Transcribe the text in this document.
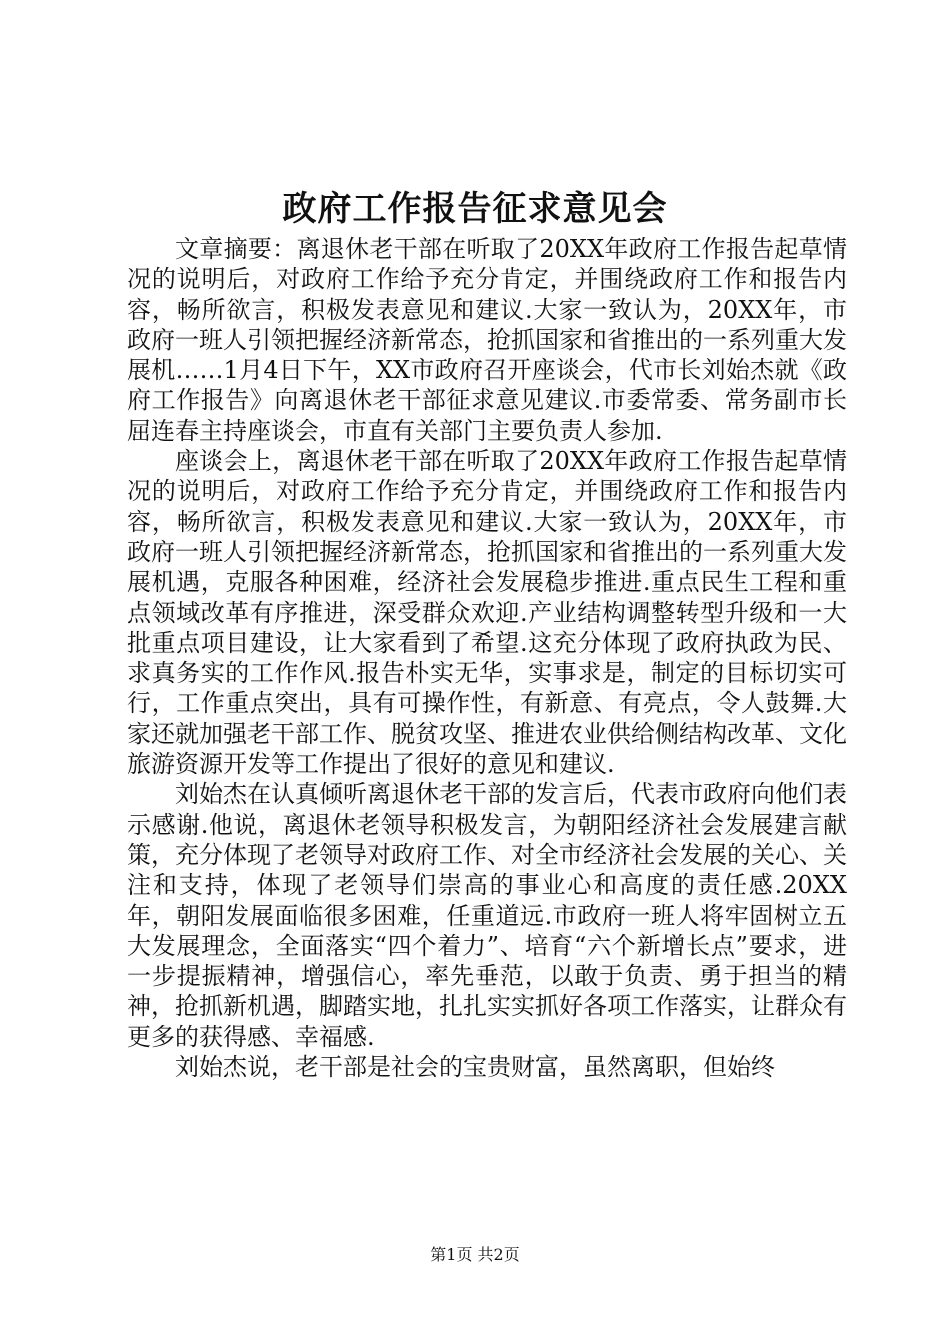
政府工作报告征求意见会

文章摘要：离退休老干部在听取了20XX年政府工作报告起草情况的说明后，对政府工作给予充分肯定，并围绕政府工作和报告内容，畅所欲言，积极发表意见和建议.大家一致认为，20XX年，市政府一班人引领把握经济新常态，抢抓国家和省推出的一系列重大发展机……1月4日下午，XX市政府召开座谈会，代市长刘始杰就《政府工作报告》向离退休老干部征求意见建议.市委常委、常务副市长屈连春主持座谈会，市直有关部门主要负责人参加.

座谈会上，离退休老干部在听取了20XX年政府工作报告起草情况的说明后，对政府工作给予充分肯定，并围绕政府工作和报告内容，畅所欲言，积极发表意见和建议.大家一致认为，20XX年，市政府一班人引领把握经济新常态，抢抓国家和省推出的一系列重大发展机遇，克服各种困难，经济社会发展稳步推进.重点民生工程和重点领域改革有序推进，深受群众欢迎.产业结构调整转型升级和一大批重点项目建设，让大家看到了希望.这充分体现了政府执政为民、求真务实的工作作风.报告朴实无华，实事求是，制定的目标切实可行，工作重点突出，具有可操作性，有新意、有亮点，令人鼓舞.大家还就加强老干部工作、脱贫攻坚、推进农业供给侧结构改革、文化旅游资源开发等工作提出了很好的意见和建议.

刘始杰在认真倾听离退休老干部的发言后，代表市政府向他们表示感谢.他说，离退休老领导积极发言，为朝阳经济社会发展建言献策，充分体现了老领导对政府工作、对全市经济社会发展的关心、关注和支持，体现了老领导们崇高的事业心和高度的责任感.20XX年，朝阳发展面临很多困难，任重道远.市政府一班人将牢固树立五大发展理念，全面落实“四个着力”、培育“六个新增长点”要求，进一步提振精神，增强信心，率先垂范，以敢于负责、勇于担当的精神，抢抓新机遇，脚踏实地，扎扎实实抓好各项工作落实，让群众有更多的获得感、幸福感.

刘始杰说，老干部是社会的宝贵财富，虽然离职，但始终

第1页 共2页
